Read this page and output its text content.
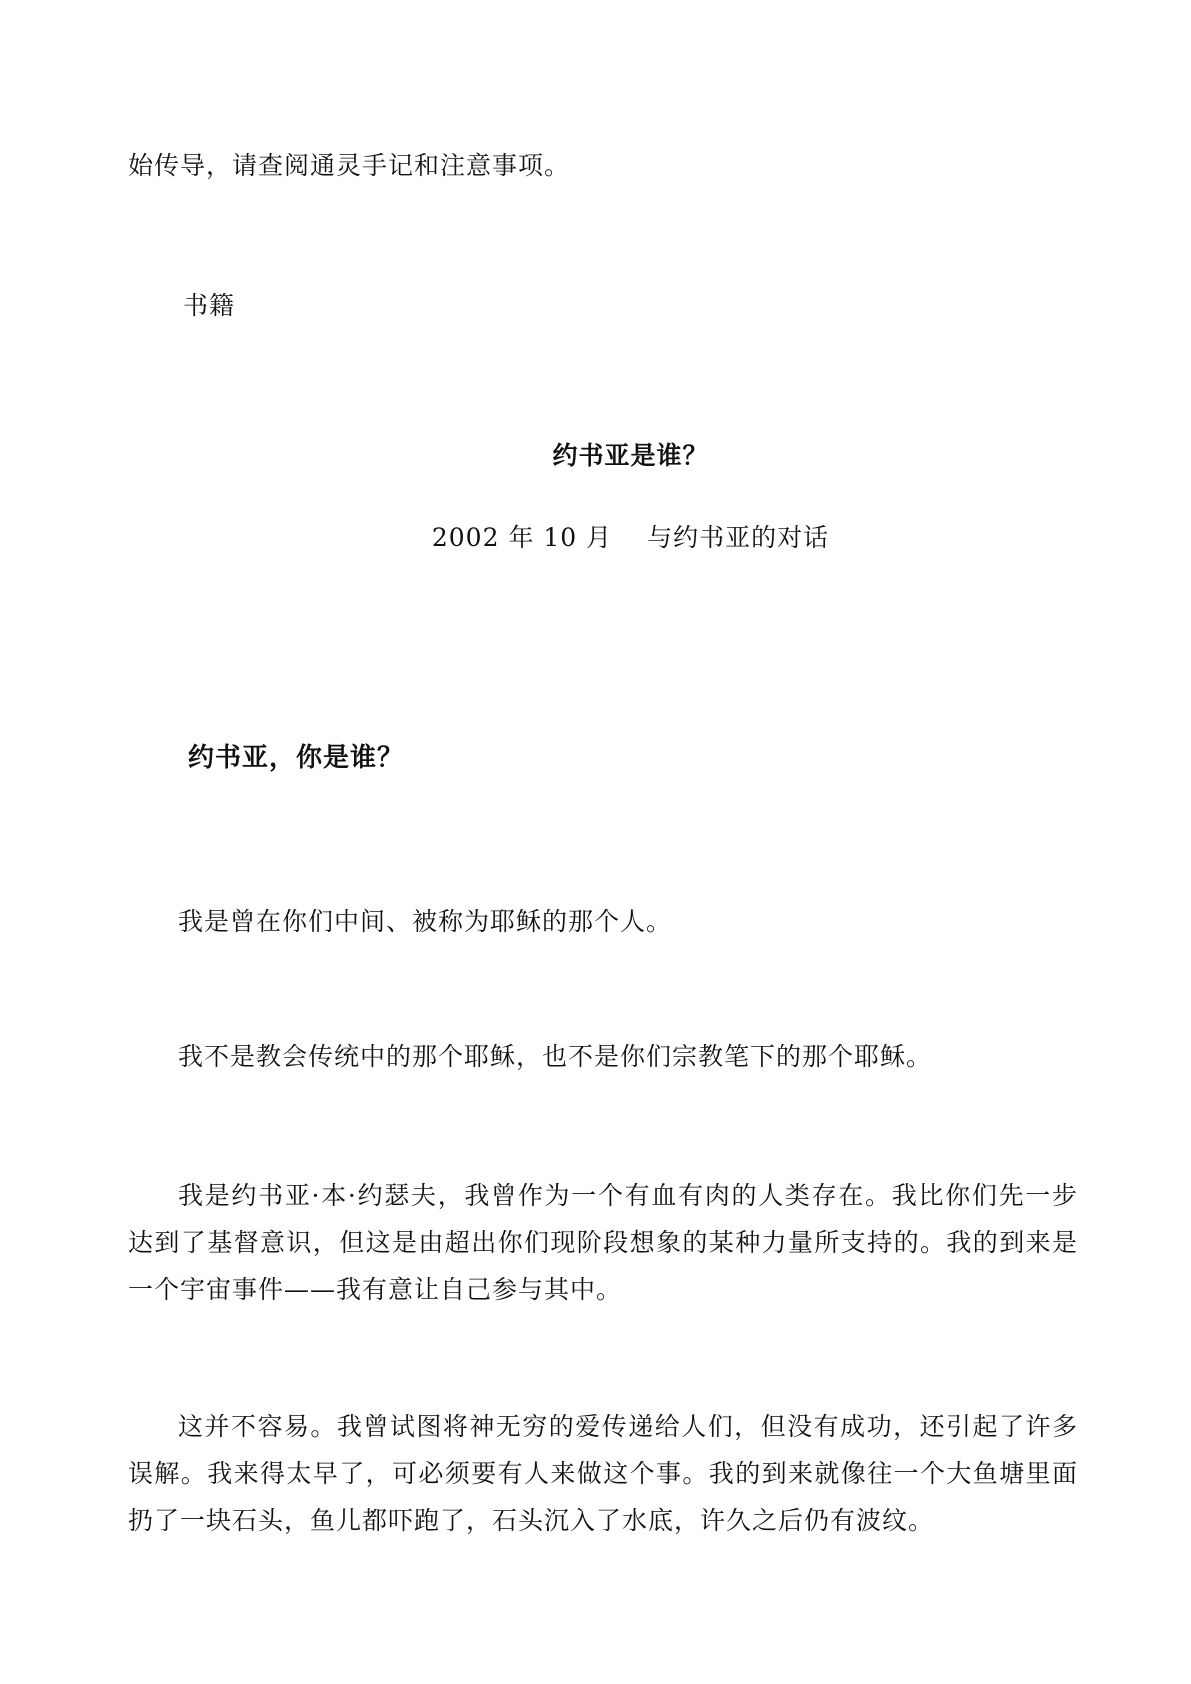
始传导，请查阅通灵手记和注意事项。
书籍
约书亚是谁？
2002 年 10 月　 与约书亚的对话
约书亚，你是谁？
我是曾在你们中间、被称为耶稣的那个人。
我不是教会传统中的那个耶稣，也不是你们宗教笔下的那个耶稣。
我是约书亚·本·约瑟夫，我曾作为一个有血有肉的人类存在。我比你们先一步达到了基督意识，但这是由超出你们现阶段想象的某种力量所支持的。我的到来是一个宇宙事件——我有意让自己参与其中。
这并不容易。我曾试图将神无穷的爱传递给人们，但没有成功，还引起了许多误解。我来得太早了，可必须要有人来做这个事。我的到来就像往一个大鱼塘里面扔了一块石头，鱼儿都吓跑了，石头沉入了水底，许久之后仍有波纹。
